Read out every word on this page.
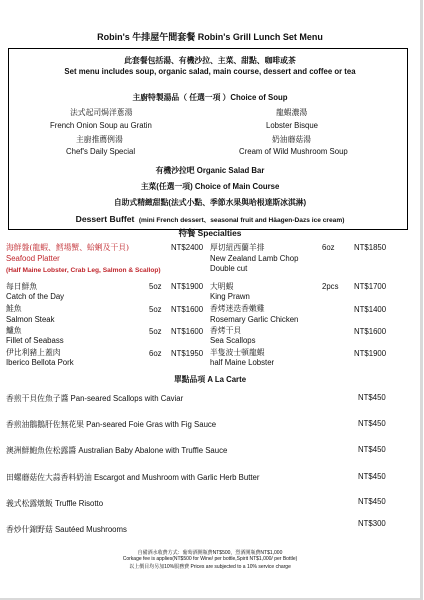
Robin's 牛排屋午間套餐 Robin's Grill Lunch Set Menu
此套餐包括湯、有機沙拉、主菜、甜點、咖啡或茶
Set menu includes soup, organic salad, main course, dessert and coffee or tea
主廚特製湯品（ 任選一項 ）Choice of Soup
法式起司焗洋蔥湯
French Onion Soup au Gratin
龍蝦濃湯
Lobster Bisque
主廚推薦例湯
Chef's Daily Special
奶油蘑菇湯
Cream of Wild Mushroom Soup
有機沙拉吧 Organic Salad Bar
主菜(任選一項) Choice of Main Course
自助式精緻甜點(法式小點、季節水果與哈根達斯冰淇淋)
Dessert Buffet (mini French dessert、seasonal fruit and Häagen-Dazs ice cream)
特餐 Specialties
海鮮盤(龍蝦、鱈場蟹、蛤蜊及干貝)
Seafood Platter
NT$2400
(Half Maine Lobster, Crab Leg, Salmon & Scallop)
每日鮮魚
Catch of the Day
5oz NT$1900
鮭魚
Salmon Steak
5oz NT$1600
鱸魚
Fillet of Seabass
5oz NT$1600
伊比利豬上蓋肉
Iberico Bellota Pork
6oz NT$1950
厚切紐西蘭羊排
New Zealand Lamb Chop
Double cut
6oz NT$1850
大明蝦
King Prawn
2pcs NT$1700
香烤迷迭香嫩雞
Rosemary Garlic Chicken
NT$1400
香烤干貝
Sea Scallops
NT$1600
半隻波士頓龍蝦
half Maine Lobster
NT$1900
單點品項 A La Carte
香煎干貝佐魚子醬 Pan-seared Scallops with Caviar	NT$450
香煎油鵝鵝肝佐無花果 Pan-seared Foie Gras with Fig Sauce	NT$450
澳洲鮮鮑魚佐松露醬 Australian Baby Abalone with Truffle Sauce	NT$450
田螺蘑菇佐大蒜香料奶油 Escargot and Mushroom with Garlic Herb Butter	NT$450
義式松露燉飯 Truffle Risotto	NT$450
香炒什錦野菇 Sautéed Mushrooms
NT$300
自備酒水收費方式：葡萄酒開瓶費NT$500，烈酒開瓶費NT$1,000
Corkage fee is applies(NT$500 for Wine/ per bottle,Spirit NT$1,000/ per Bottle)
以上價目均另加10%服務費 Prices are subjected to a 10% service charge
